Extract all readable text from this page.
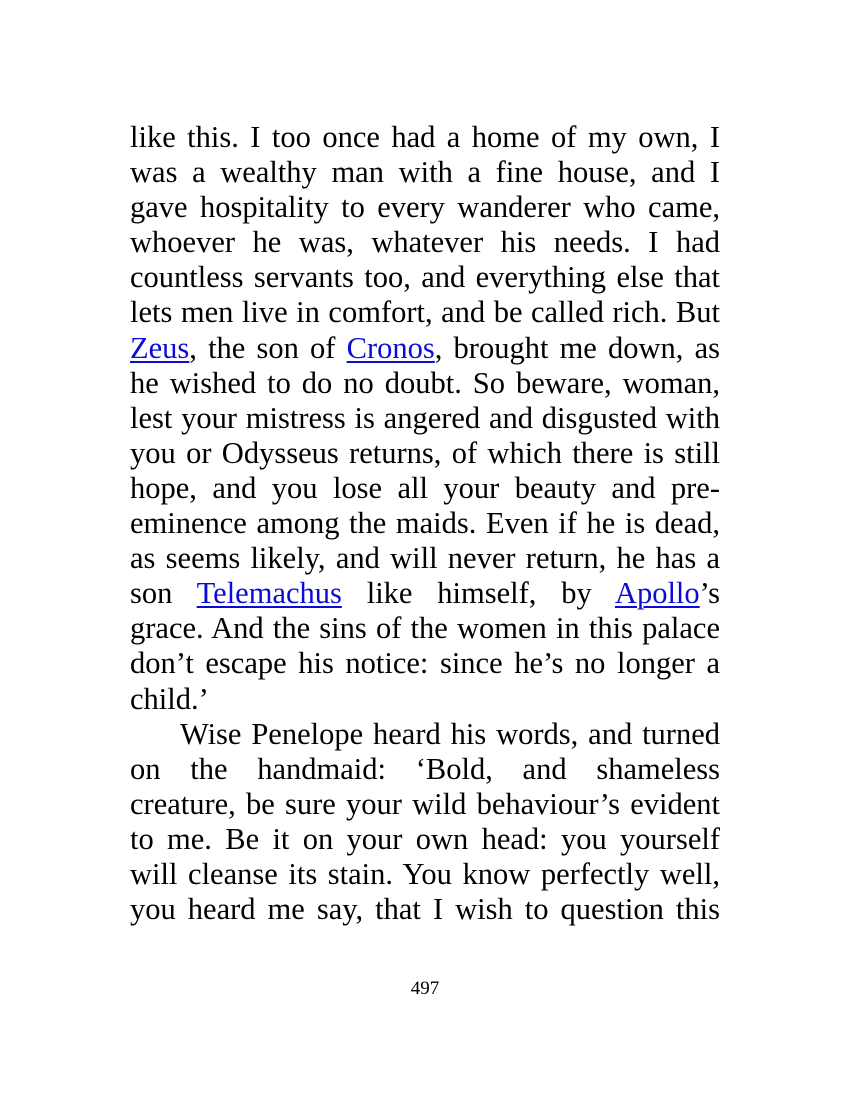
like this. I too once had a home of my own, I
was a wealthy man with a fine house, and I
gave hospitality to every wanderer who came,
whoever he was, whatever his needs. I had
countless servants too, and everything else that
lets men live in comfort, and be called rich. But
Zeus, the son of Cronos, brought me down, as
he wished to do no doubt. So beware, woman,
lest your mistress is angered and disgusted with
you or Odysseus returns, of which there is still
hope, and you lose all your beauty and pre-
eminence among the maids. Even if he is dead,
as seems likely, and will never return, he has a
son Telemachus like himself, by Apollo’s
grace. And the sins of the women in this palace
don’t escape his notice: since he’s no longer a
child.’
Wise Penelope heard his words, and turned
on the handmaid: ‘Bold, and shameless
creature, be sure your wild behaviour’s evident
to me. Be it on your own head: you yourself
will cleanse its stain. You know perfectly well,
you heard me say, that I wish to question this
497
